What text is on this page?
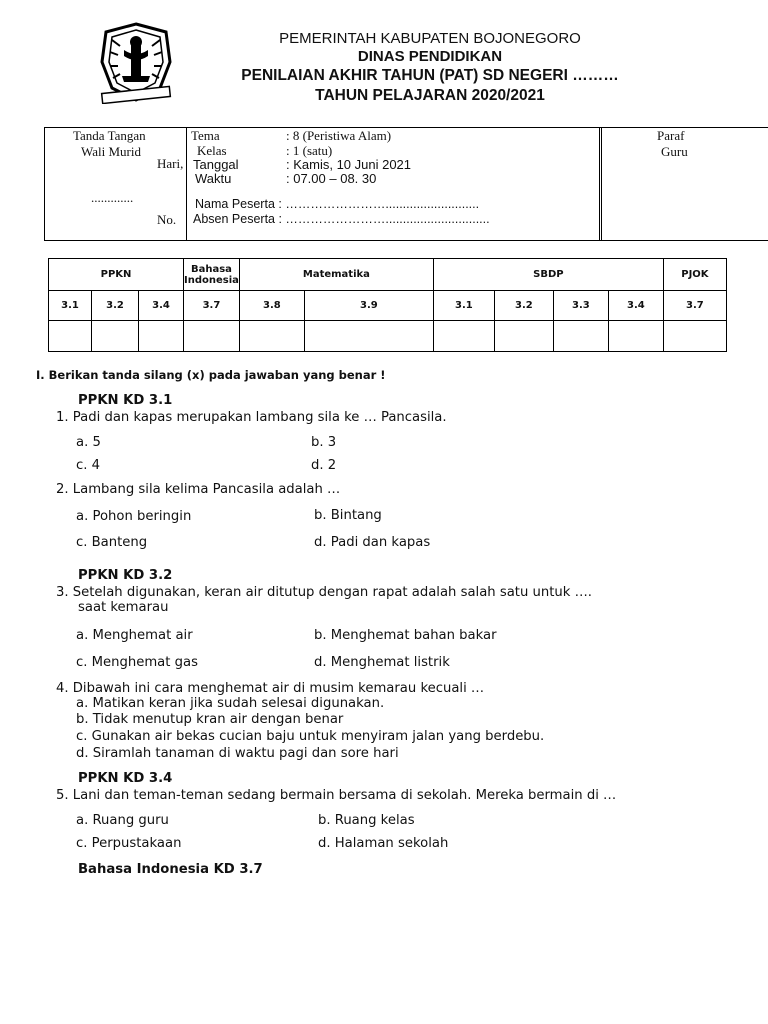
PEMERINTAH KABUPATEN BOJONEGORO
DINAS PENDIDIKAN
PENILAIAN AKHIR TAHUN (PAT) SD NEGERI ………
TAHUN PELAJARAN 2020/2021
Tanda Tangan
Wali Murid
Hari,
.............
No.
Tema	: 8 (Peristiwa Alam)
Kelas	: 1 (satu)
Tanggal	: Kamis, 10 Juni 2021
Waktu	: 07.00 – 08. 30
Nama Peserta : ……………………...........................
Absen Peserta : ……………………..............................
Paraf
Guru
PPKN			Bahasa Indonesia	Matematika		SBDP				PJOK
3.1	3.2	3.4	3.7	3.8	3.9	3.1	3.2	3.3	3.4	3.7

I. Berikan tanda silang (x) pada jawaban yang benar !
PPKN KD 3.1
1. Padi dan kapas merupakan lambang sila ke … Pancasila.
a. 5	b. 3
c. 4	d. 2
2. Lambang sila kelima Pancasila adalah …
a. Pohon beringin	b. Bintang
c. Banteng	d. Padi dan kapas
PPKN KD 3.2
3. Setelah digunakan, keran air ditutup dengan rapat adalah salah satu untuk ….
saat kemarau
a. Menghemat air	b. Menghemat bahan bakar
c. Menghemat gas	d. Menghemat listrik
4. Dibawah ini cara menghemat air di musim kemarau kecuali …
a. Matikan keran jika sudah selesai digunakan.
b. Tidak menutup kran air dengan benar
c. Gunakan air bekas cucian baju untuk menyiram jalan yang berdebu.
d. Siramlah tanaman di waktu pagi dan sore hari
PPKN KD 3.4
5. Lani dan teman-teman sedang bermain bersama di sekolah. Mereka bermain di …
a. Ruang guru	b. Ruang kelas
c. Perpustakaan	d. Halaman sekolah
Bahasa Indonesia KD 3.7
